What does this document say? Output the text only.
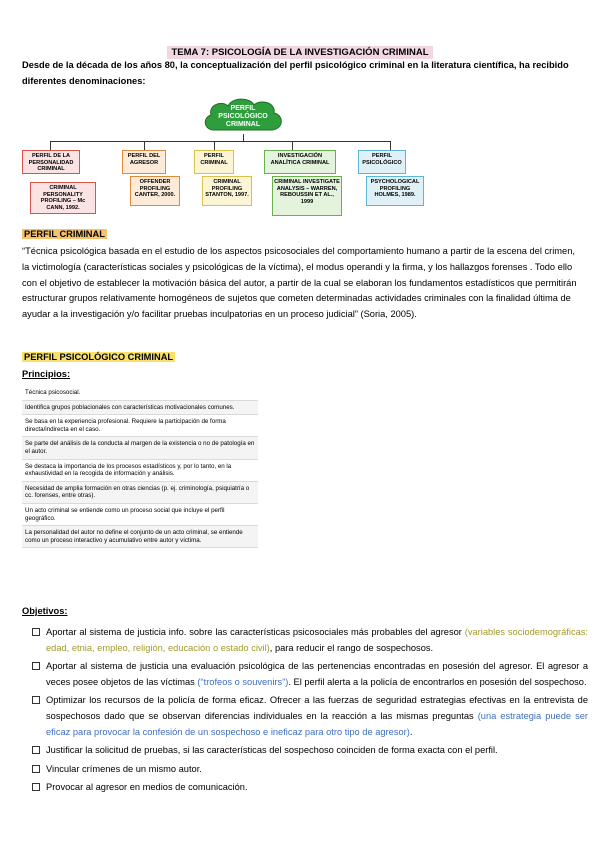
TEMA 7: PSICOLOGÍA DE LA INVESTIGACIÓN CRIMINAL
Desde de la década de los años 80, la conceptualización del perfil psicológico criminal en la literatura científica, ha recibido diferentes denominaciones:
PERFIL
PSICOLÓGICO
CRIMINAL
PERFIL DE LA PERSONALIDAD CRIMINAL
CRIMINAL PERSONALITY PROFILING – Mc CANN, 1992.
PERFIL DEL AGRESOR
OFFENDER PROFILING CANTER, 2000.
PERFIL CRIMINAL
CRIMINAL PROFILING STANTON, 1997.
INVESTIGACIÓN ANALÍTICA CRIMINAL
CRIMINAL INVESTIGATE ANALYSIS – WARREN, REBOUSSIN ET AL., 1999
PERFIL PSICOLÓGICO
PSYCHOLOGICAL PROFILING HOLMES, 1989.
PERFIL CRIMINAL
“Técnica psicológica basada en el estudio de los aspectos psicosociales del comportamiento humano a partir de la escena del crimen, la victimología (características sociales y psicológicas de la víctima), el modus operandi y la firma, y los hallazgos forenses . Todo ello con el objetivo de establecer la motivación básica del autor, a partir de la cual se elaboran los fundamentos estadísticos que permitirán estructurar grupos relativamente homogéneos de sujetos que cometen determinadas actividades criminales con la finalidad última de ayudar a la investigación y/o facilitar pruebas inculpatorias en un proceso judicial” (Soria, 2005).
PERFIL PSICOLÓGICO CRIMINAL
Principios:
Técnica psicosocial.
Identifica grupos poblacionales con características motivacionales comunes.
Se basa en la experiencia profesional. Requiere la participación de forma directa/indirecta en el caso.
Se parte del análisis de la conducta al margen de la existencia o no de patología en el autor.
Se destaca la importancia de los procesos estadísticos y, por lo tanto, en la exhaustividad en la recogida de información y análisis.
Necesidad de amplia formación en otras ciencias (p. ej. criminología, psiquiatría o cc. forenses, entre otras).
Un acto criminal se entiende como un proceso social que incluye el perfil geográfico.
La personalidad del autor no define el conjunto de un acto criminal, se entiende como un proceso interactivo y acumulativo entre autor y víctima.
Objetivos:
Aportar al sistema de justicia info. sobre las características psicosociales más probables del agresor (variables sociodemográficas: edad, etnia, empleo, religión, educación o estado civil), para reducir el rango de sospechosos.
Aportar al sistema de justicia una evaluación psicológica de las pertenencias encontradas en posesión del agresor. El agresor a veces posee objetos de las víctimas (“trofeos o souvenirs”). El perfil alerta a la policía de encontrarlos en posesión del sospechoso.
Optimizar los recursos de la policía de forma eficaz. Ofrecer a las fuerzas de seguridad estrategias efectivas en la entrevista de sospechosos dado que se observan diferencias individuales en la reacción a las mismas preguntas (una estrategia puede ser eficaz para provocar la confesión de un sospechoso e ineficaz para otro tipo de agresor).
Justificar la solicitud de pruebas, si las características del sospechoso coinciden de forma exacta con el perfil.
Vincular crímenes de un mismo autor.
Provocar al agresor en medios de comunicación.
